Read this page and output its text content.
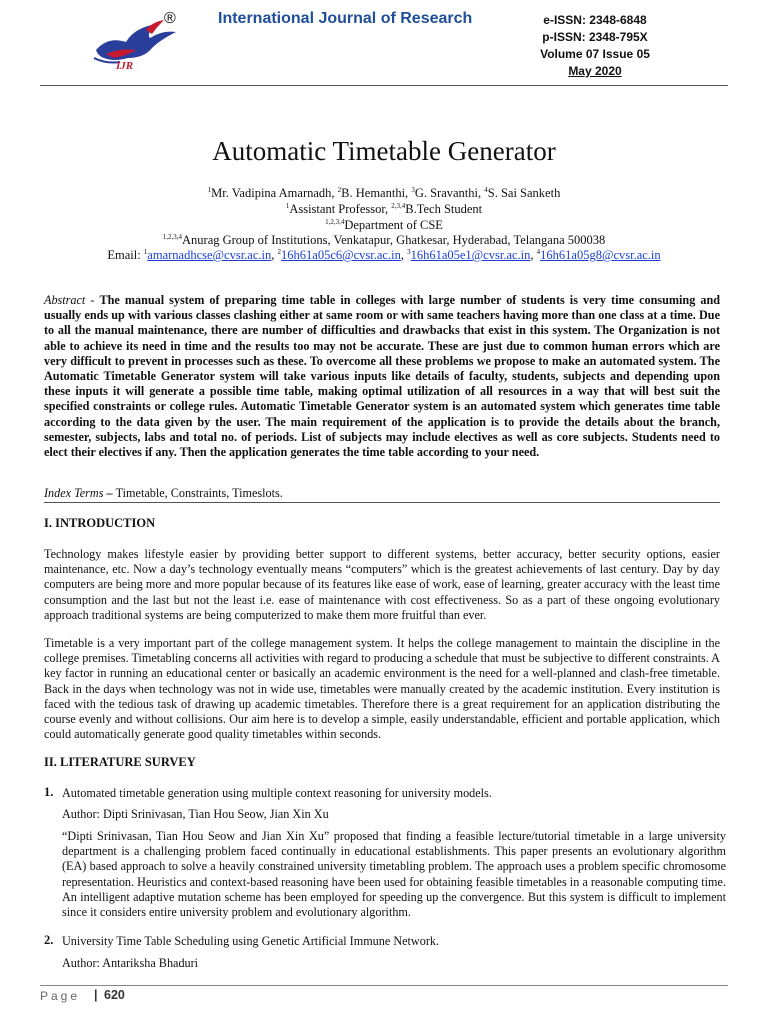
IJR
®	International Journal of Research	e-ISSN: 2348-6848
p-ISSN: 2348-795X
Volume 07 Issue 05
May 2020
Automatic Timetable Generator
$^1$Mr. Vadipina Amarnadh, $^2$B. Hemanthi, $^3$G. Sravanthi, $^4$S. Sai Sanketh
$^1$Assistant Professor, $^{2,3,4}$B.Tech Student
$^{1,2,3,4}$Department of CSE
$^{1,2,3,4}$Anurag Group of Institutions, Venkatapur, Ghatkesar, Hyderabad, Telangana 500038
Email: $^1$amarnadhcse@cvsr.ac.in, $^2$16h61a05c6@cvsr.ac.in, $^3$16h61a05e1@cvsr.ac.in, $^4$16h61a05g8@cvsr.ac.in
Abstract - The manual system of preparing time table in colleges with large number of students is very time consuming and usually ends up with various classes clashing either at same room or with same teachers having more than one class at a time. Due to all the manual maintenance, there are number of difficulties and drawbacks that exist in this system. The Organization is not able to achieve its need in time and the results too may not be accurate. These are just due to common human errors which are very difficult to prevent in processes such as these. To overcome all these problems we propose to make an automated system. The Automatic Timetable Generator system will take various inputs like details of faculty, students, subjects and depending upon these inputs it will generate a possible time table, making optimal utilization of all resources in a way that will best suit the specified constraints or college rules. Automatic Timetable Generator system is an automated system which generates time table according to the data given by the user. The main requirement of the application is to provide the details about the branch, semester, subjects, labs and total no. of periods. List of subjects may include electives as well as core subjects. Students need to elect their electives if any. Then the application generates the time table according to your need.
Index Terms – Timetable, Constraints, Timeslots.
I. INTRODUCTION
Technology makes lifestyle easier by providing better support to different systems, better accuracy, better security options, easier maintenance, etc. Now a day’s technology eventually means “computers” which is the greatest achievements of last century. Day by day computers are being more and more popular because of its features like ease of work, ease of learning, greater accuracy with the least time consumption and the last but not the least i.e. ease of maintenance with cost effectiveness. So as a part of these ongoing evolutionary approach traditional systems are being computerized to make them more fruitful than ever.
Timetable is a very important part of the college management system. It helps the college management to maintain the discipline in the college premises. Timetabling concerns all activities with regard to producing a schedule that must be subjective to different constraints. A key factor in running an educational center or basically an academic environment is the need for a well-planned and clash-free timetable. Back in the days when technology was not in wide use, timetables were manually created by the academic institution. Every institution is faced with the tedious task of drawing up academic timetables. Therefore there is a great requirement for an application distributing the course evenly and without collisions. Our aim here is to develop a simple, easily understandable, efficient and portable application, which could automatically generate good quality timetables within seconds.
II. LITERATURE SURVEY
1. Automated timetable generation using multiple context reasoning for university models.
Author: Dipti Srinivasan, Tian Hou Seow, Jian Xin Xu
“Dipti Srinivasan, Tian Hou Seow and Jian Xin Xu” proposed that finding a feasible lecture/tutorial timetable in a large university department is a challenging problem faced continually in educational establishments. This paper presents an evolutionary algorithm (EA) based approach to solve a heavily constrained university timetabling problem. The approach uses a problem specific chromosome representation. Heuristics and context-based reasoning have been used for obtaining feasible timetables in a reasonable computing time. An intelligent adaptive mutation scheme has been employed for speeding up the convergence. But this system is difficult to implement since it considers entire university problem and evolutionary algorithm.
2. University Time Table Scheduling using Genetic Artificial Immune Network.
Author: Antariksha Bhaduri
Page | 620
